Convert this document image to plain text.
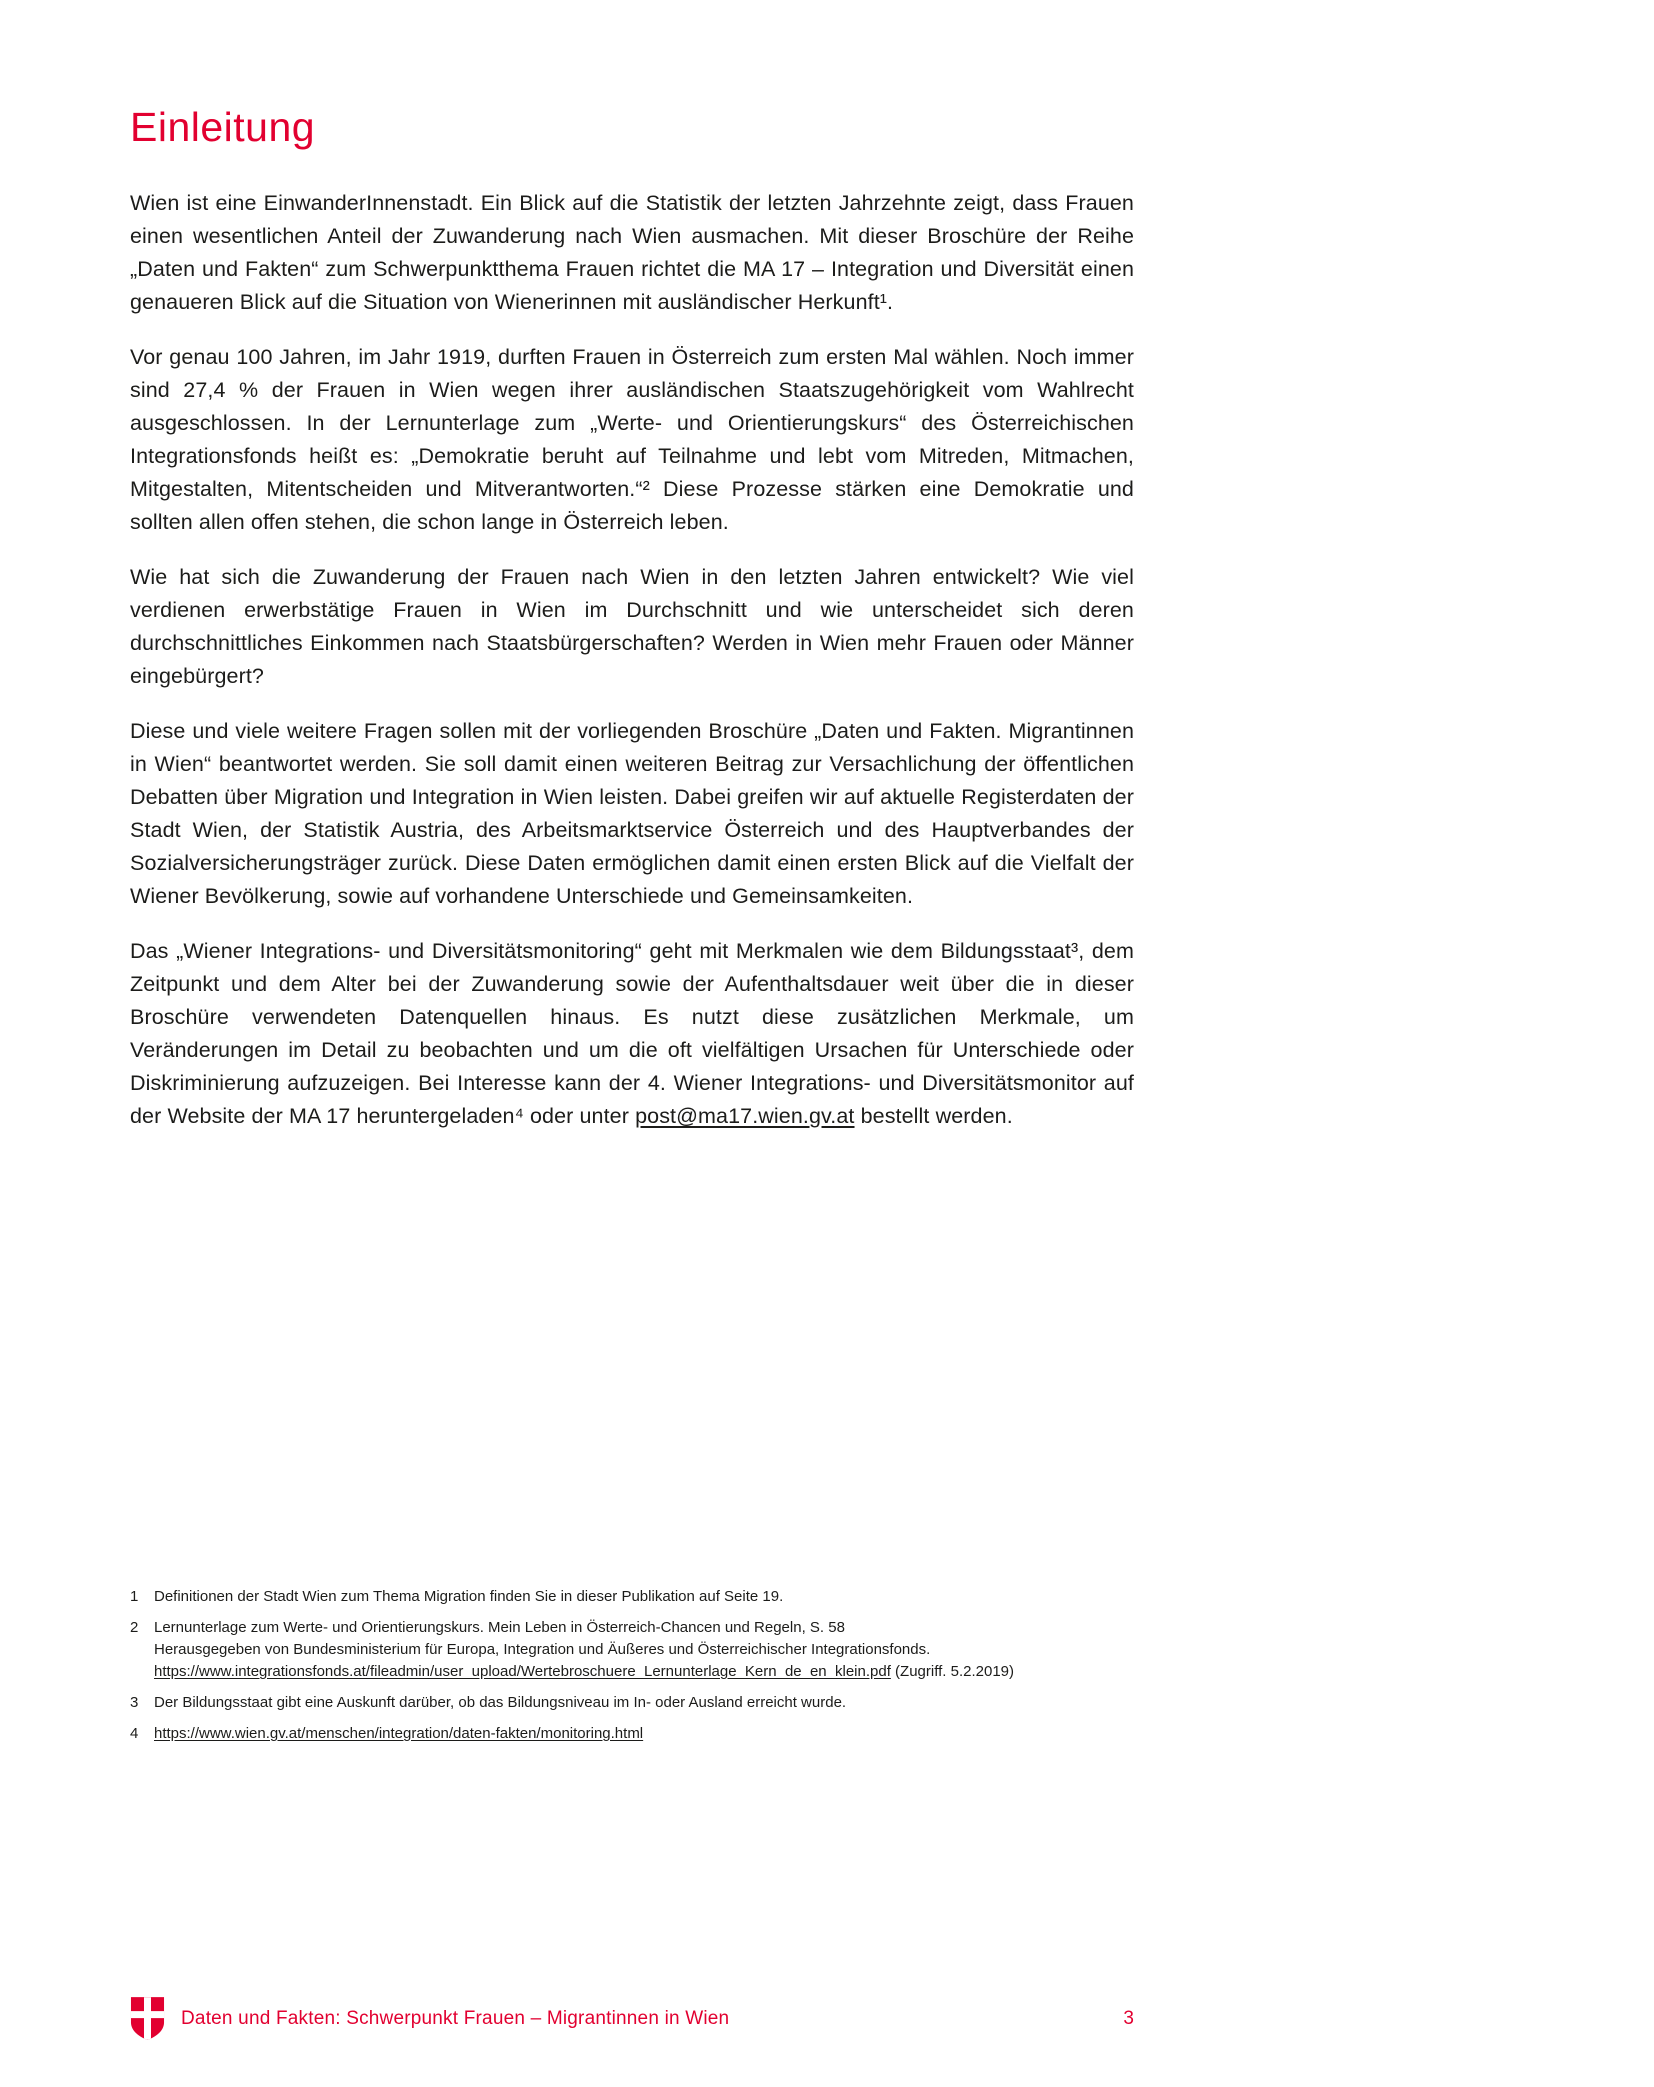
Einleitung

Wien ist eine EinwanderInnenstadt. Ein Blick auf die Statistik der letzten Jahrzehnte zeigt, dass Frauen einen wesentlichen Anteil der Zuwanderung nach Wien ausmachen. Mit dieser Broschüre der Reihe „Daten und Fakten“ zum Schwerpunktthema Frauen richtet die MA 17 – Integration und Diversität einen genaueren Blick auf die Situation von Wienerinnen mit ausländischer Herkunft¹.

Vor genau 100 Jahren, im Jahr 1919, durften Frauen in Österreich zum ersten Mal wählen. Noch immer sind 27,4 % der Frauen in Wien wegen ihrer ausländischen Staatszugehörigkeit vom Wahlrecht ausgeschlossen. In der Lernunterlage zum „Werte- und Orientierungskurs“ des Österreichischen Integrationsfonds heißt es: „Demokratie beruht auf Teilnahme und lebt vom Mitreden, Mitmachen, Mitgestalten, Mitentscheiden und Mitverantworten.“² Diese Prozesse stärken eine Demokratie und sollten allen offen stehen, die schon lange in Österreich leben.

Wie hat sich die Zuwanderung der Frauen nach Wien in den letzten Jahren entwickelt? Wie viel verdienen erwerbstätige Frauen in Wien im Durchschnitt und wie unterscheidet sich deren durchschnittliches Einkommen nach Staatsbürgerschaften? Werden in Wien mehr Frauen oder Männer eingebürgert?

Diese und viele weitere Fragen sollen mit der vorliegenden Broschüre „Daten und Fakten. Migrantinnen in Wien“ beantwortet werden. Sie soll damit einen weiteren Beitrag zur Versachlichung der öffentlichen Debatten über Migration und Integration in Wien leisten. Dabei greifen wir auf aktuelle Registerdaten der Stadt Wien, der Statistik Austria, des Arbeitsmarktservice Österreich und des Hauptverbandes der Sozialversicherungsträger zurück. Diese Daten ermöglichen damit einen ersten Blick auf die Vielfalt der Wiener Bevölkerung, sowie auf vorhandene Unterschiede und Gemeinsamkeiten.

Das „Wiener Integrations- und Diversitätsmonitoring“ geht mit Merkmalen wie dem Bildungsstaat³, dem Zeitpunkt und dem Alter bei der Zuwanderung sowie der Aufenthaltsdauer weit über die in dieser Broschüre verwendeten Datenquellen hinaus. Es nutzt diese zusätzlichen Merkmale, um Veränderungen im Detail zu beobachten und um die oft vielfältigen Ursachen für Unterschiede oder Diskriminierung aufzuzeigen. Bei Interesse kann der 4. Wiener Integrations- und Diversitätsmonitor auf der Website der MA 17 heruntergeladen⁴ oder unter post@ma17.wien.gv.at bestellt werden.

1	Definitionen der Stadt Wien zum Thema Migration finden Sie in dieser Publikation auf Seite 19.
2	Lernunterlage zum Werte- und Orientierungskurs. Mein Leben in Österreich-Chancen und Regeln, S. 58
Herausgegeben von Bundesministerium für Europa, Integration und Äußeres und Österreichischer Integrationsfonds.
https://www.integrationsfonds.at/fileadmin/user_upload/Wertebroschuere_Lernunterlage_Kern_de_en_klein.pdf (Zugriff. 5.2.2019)
3	Der Bildungsstaat gibt eine Auskunft darüber, ob das Bildungsniveau im In- oder Ausland erreicht wurde.
4	https://www.wien.gv.at/menschen/integration/daten-fakten/monitoring.html
Daten und Fakten: Schwerpunkt Frauen – Migrantinnen in Wien	3
